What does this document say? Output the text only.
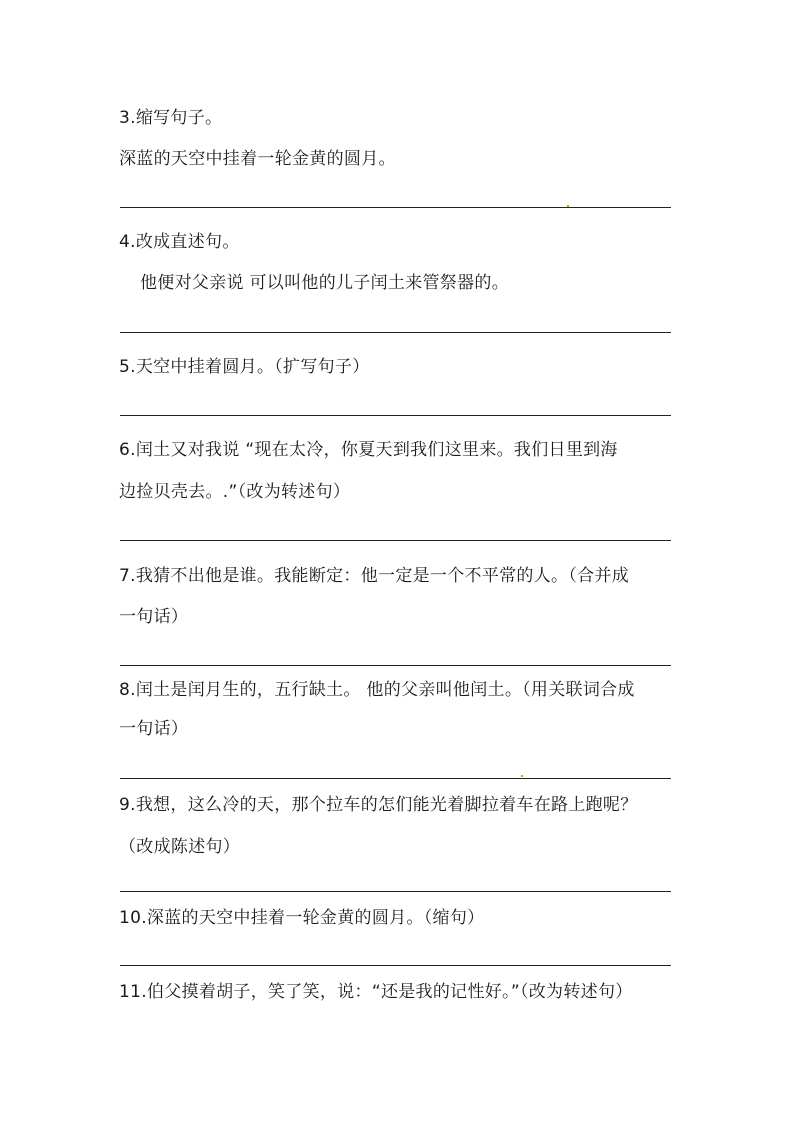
3.缩写句子。
深蓝的天空中挂着一轮金黄的圆月。
4.改成直述句。
他便对父亲说 可以叫他的儿子闰土来管祭器的。
5.天空中挂着圆月。（扩写句子）
6.闰土又对我说 “现在太冷，你夏天到我们这里来。我们日里到海
边捡贝壳去。.”（改为转述句）
7.我猜不出他是谁。我能断定：他一定是一个不平常的人。（合并成
一句话）
8.闰土是闰月生的，五行缺土。 他的父亲叫他闰土。（用关联词合成
一句话）
9.我想，这么冷的天，那个拉车的怎们能光着脚拉着车在路上跑呢？
（改成陈述句）
10.深蓝的天空中挂着一轮金黄的圆月。（缩句）
11.伯父摸着胡子，笑了笑，说：“还是我的记性好。”（改为转述句）
